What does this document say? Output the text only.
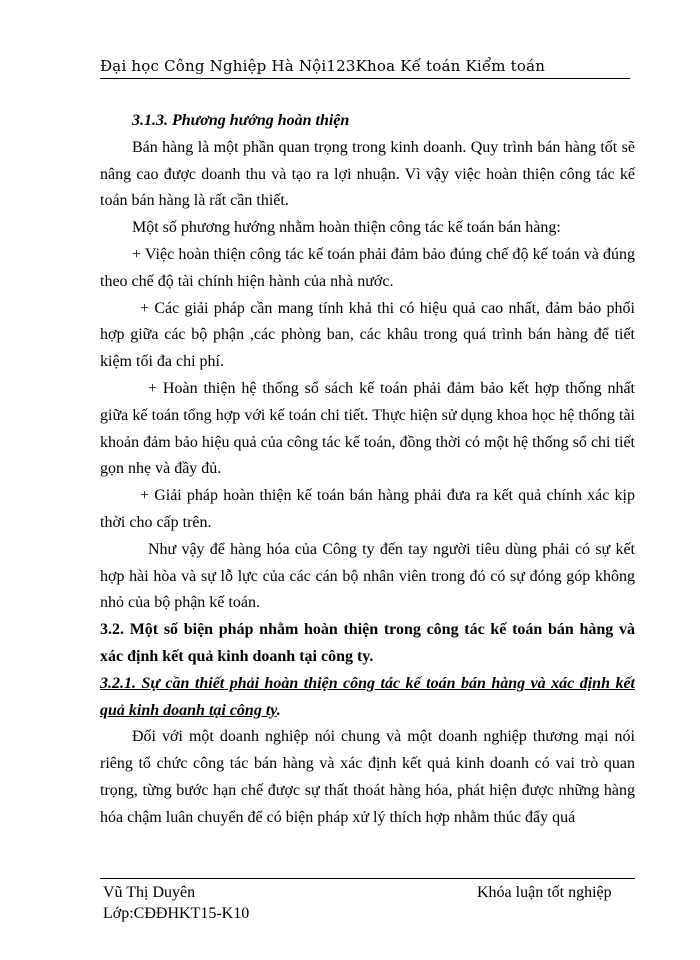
Đại học Công Nghiệp Hà Nội123Khoa Kế toán Kiểm toán

3.1.3. Phương hướng hoàn thiện

Bán hàng là một phần quan trọng trong kinh doanh. Quy trình bán hàng tốt sẽ nâng cao được doanh thu và tạo ra lợi nhuận. Vì vậy việc hoàn thiện công tác kế toán bán hàng là rất cần thiết.

Một số phương hướng nhằm hoàn thiện công tác kế toán bán hàng:

+ Việc hoàn thiện công tác kế toán phải đảm bảo đúng chế độ kế toán và đúng theo chế độ tài chính hiện hành của nhà nước.

+ Các giải pháp cần mang tính khả thi có hiệu quả cao nhất, đảm bảo phối hợp giữa các bộ phận ,các phòng ban, các khâu trong quá trình bán hàng để tiết kiệm tối đa chi phí.

+ Hoàn thiện hệ thống sổ sách kế toán phải đảm bảo kết hợp thống nhất giữa kế toán tổng hợp với kế toán chi tiết. Thực hiện sử dụng khoa học hệ thống tài khoản đảm bảo hiệu quả của công tác kế toán, đồng thời có một hệ thống sổ chi tiết gọn nhẹ và đầy đủ.

+ Giải pháp hoàn thiện kế toán bán hàng phải đưa ra kết quả chính xác kịp thời cho cấp trên.

Như vậy để hàng hóa của Công ty đến tay người tiêu dùng phải có sự kết hợp hài hòa và sự lỗ lực của các cán bộ nhân viên trong đó có sự đóng góp không nhỏ của bộ phận kế toán.

3.2. Một số biện pháp nhằm hoàn thiện trong công tác kế toán bán hàng và xác định kết quả kinh doanh tại công ty.

3.2.1. Sự cần thiết phải hoàn thiện công tác kế toán bán hàng và xác định kết quả kinh doanh tại công ty.

Đối với một doanh nghiệp nói chung và một doanh nghiệp thương mại nói riêng tổ chức công tác bán hàng và xác định kết quả kinh doanh có vai trò quan trọng, từng bước hạn chế được sự thất thoát hàng hóa, phát hiện được những hàng hóa chậm luân chuyển để có biện pháp xử lý thích hợp nhằm thúc đẩy quá

Vũ Thị Duyên
Lớp:CĐĐHKT15-K10
Khóa luận tốt nghiệp
